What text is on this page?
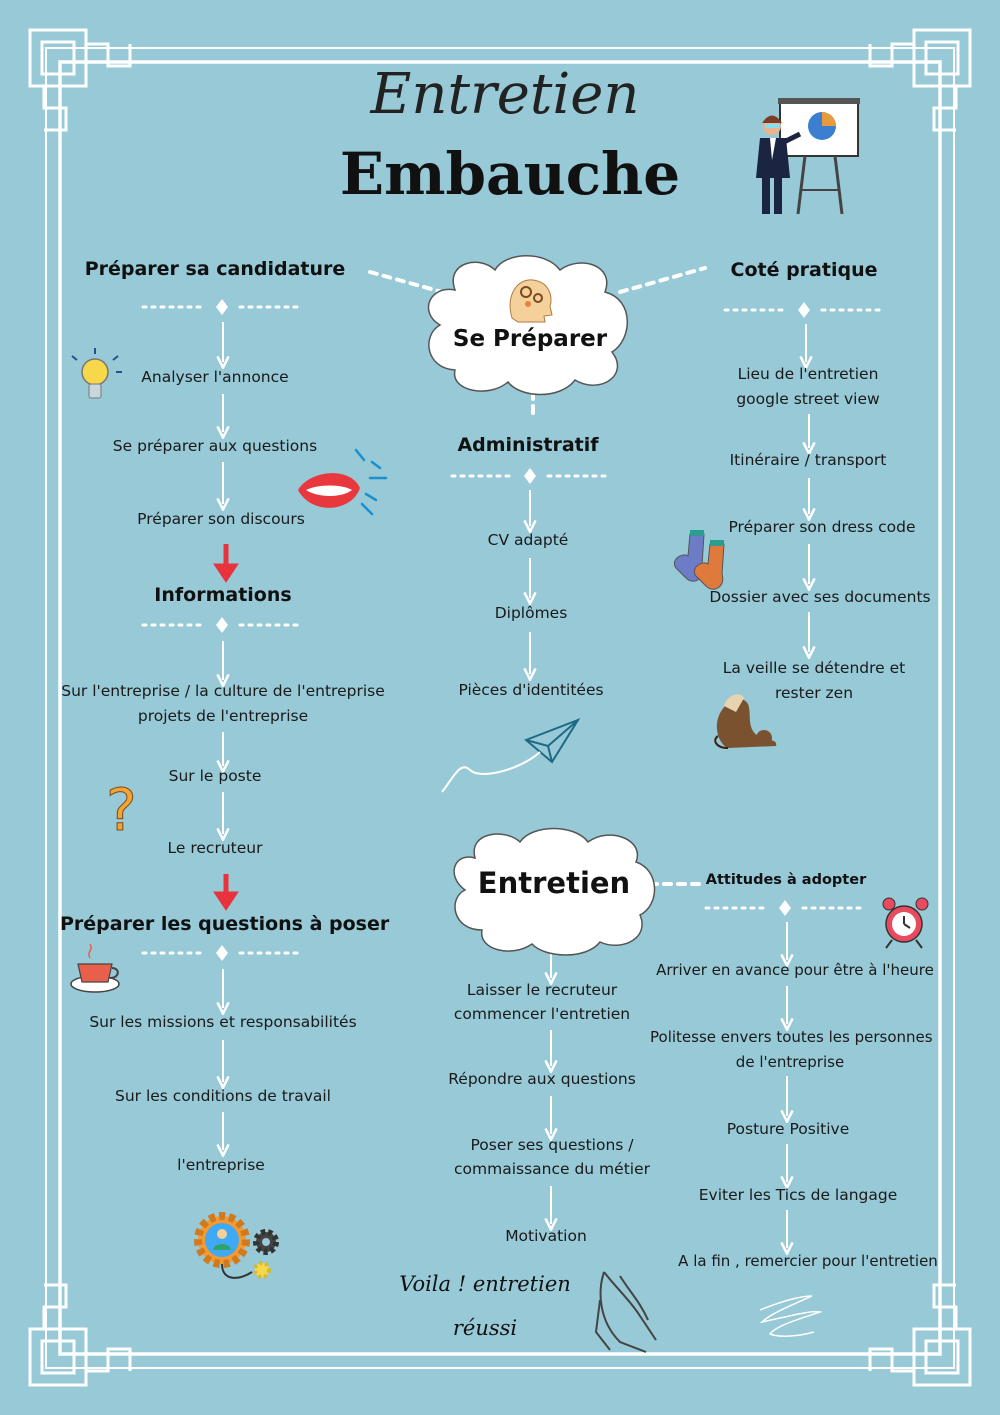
?
Entretien
Embauche
Se Préparer
Entretien
Préparer sa candidature
Analyser l'annonce
Se préparer aux questions
Préparer son discours
Informations
Sur l'entreprise / la culture de l'entreprise
projets de l'entreprise
Sur le poste
Le recruteur
Préparer les questions à poser
Sur les missions et responsabilités
Sur les conditions de travail
l'entreprise
Administratif
CV adapté
Diplômes
Pièces d'identitées
Laisser le recruteur
commencer l'entretien
Répondre aux questions
Poser ses questions /
commaissance du métier
Motivation
Coté pratique
Lieu de l'entretien
google street view
Itinéraire / transport
Préparer son dress code
Dossier avec ses documents
La veille se détendre et
rester zen
Attitudes à adopter
Arriver en avance pour être à l'heure
Politesse envers toutes les personnes
de l'entreprise
Posture Positive
Eviter les Tics de langage
A la fin , remercier pour l'entretien
Voila ! entretien
réussi
